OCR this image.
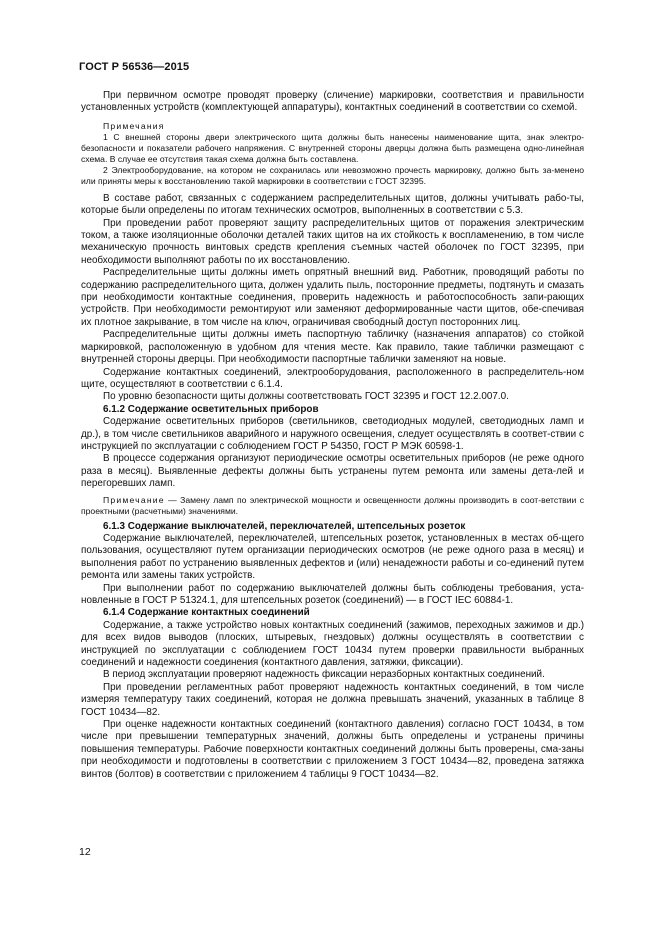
ГОСТ Р 56536—2015

При первичном осмотре проводят проверку (сличение) маркировки, соответствия и правильности установленных устройств (комплектующей аппаратуры), контактных соединений в соответствии со схемой.

Примечания

1 С внешней стороны двери электрического щита должны быть нанесены наименование щита, знак электро-безопасности и показатели рабочего напряжения. С внутренней стороны дверцы должна быть размещена одно-линейная схема. В случае ее отсутствия такая схема должна быть составлена.

2 Электрооборудование, на котором не сохранилась или невозможно прочесть маркировку, должно быть за-менено или приняты меры к восстановлению такой маркировки в соответствии с ГОСТ 32395.

В составе работ, связанных с содержанием распределительных щитов, должны учитывать рабо-ты, которые были определены по итогам технических осмотров, выполненных в соответствии с 5.3.

При проведении работ проверяют защиту распределительных щитов от поражения электрическим током, а также изоляционные оболочки деталей таких щитов на их стойкость к воспламенению, в том числе механическую прочность винтовых средств крепления съемных частей оболочек по ГОСТ 32395, при необходимости выполняют работы по их восстановлению.

Распределительные щиты должны иметь опрятный внешний вид. Работник, проводящий работы по содержанию распределительного щита, должен удалить пыль, посторонние предметы, подтянуть и смазать при необходимости контактные соединения, проверить надежность и работоспособность запи-рающих устройств. При необходимости ремонтируют или заменяют деформированные части щитов, обе-спечивая их плотное закрывание, в том числе на ключ, ограничивая свободный доступ посторонних лиц.

Распределительные щиты должны иметь паспортную табличку (назначения аппаратов) со стойкой маркировкой, расположенную в удобном для чтения месте. Как правило, такие таблички размещают с внутренней стороны дверцы. При необходимости паспортные таблички заменяют на новые.

Содержание контактных соединений, электрооборудования, расположенного в распределитель-ном щите, осуществляют в соответствии с 6.1.4.

По уровню безопасности щиты должны соответствовать ГОСТ 32395 и ГОСТ 12.2.007.0.

6.1.2 Содержание осветительных приборов

Содержание осветительных приборов (светильников, светодиодных модулей, светодиодных ламп и др.), в том числе светильников аварийного и наружного освещения, следует осуществлять в соответ-ствии с инструкцией по эксплуатации с соблюдением ГОСТ Р 54350, ГОСТ Р МЭК 60598-1.

В процессе содержания организуют периодические осмотры осветительных приборов (не реже одного раза в месяц). Выявленные дефекты должны быть устранены путем ремонта или замены дета-лей и перегоревших ламп.

Примечание — Замену ламп по электрической мощности и освещенности должны производить в соот-ветствии с проектными (расчетными) значениями.

6.1.3 Содержание выключателей, переключателей, штепсельных розеток

Содержание выключателей, переключателей, штепсельных розеток, установленных в местах об-щего пользования, осуществляют путем организации периодических осмотров (не реже одного раза в месяц) и выполнения работ по устранению выявленных дефектов и (или) ненадежности работы и со-единений путем ремонта или замены таких устройств.

При выполнении работ по содержанию выключателей должны быть соблюдены требования, уста-новленные в ГОСТ Р 51324.1, для штепсельных розеток (соединений) — в ГОСТ IEC 60884-1.

6.1.4 Содержание контактных соединений

Содержание, а также устройство новых контактных соединений (зажимов, переходных зажимов и др.) для всех видов выводов (плоских, штыревых, гнездовых) должны осуществлять в соответствии с инструкцией по эксплуатации с соблюдением ГОСТ 10434 путем проверки правильности выбранных соединений и надежности соединения (контактного давления, затяжки, фиксации).

В период эксплуатации проверяют надежность фиксации неразборных контактных соединений.

При проведении регламентных работ проверяют надежность контактных соединений, в том числе измеряя температуру таких соединений, которая не должна превышать значений, указанных в таблице 8 ГОСТ 10434—82.

При оценке надежности контактных соединений (контактного давления) согласно ГОСТ 10434, в том числе при превышении температурных значений, должны быть определены и устранены причины повышения температуры. Рабочие поверхности контактных соединений должны быть проверены, сма-заны при необходимости и подготовлены в соответствии с приложением 3 ГОСТ 10434—82, проведена затяжка винтов (болтов) в соответствии с приложением 4 таблицы 9 ГОСТ 10434—82.

12
